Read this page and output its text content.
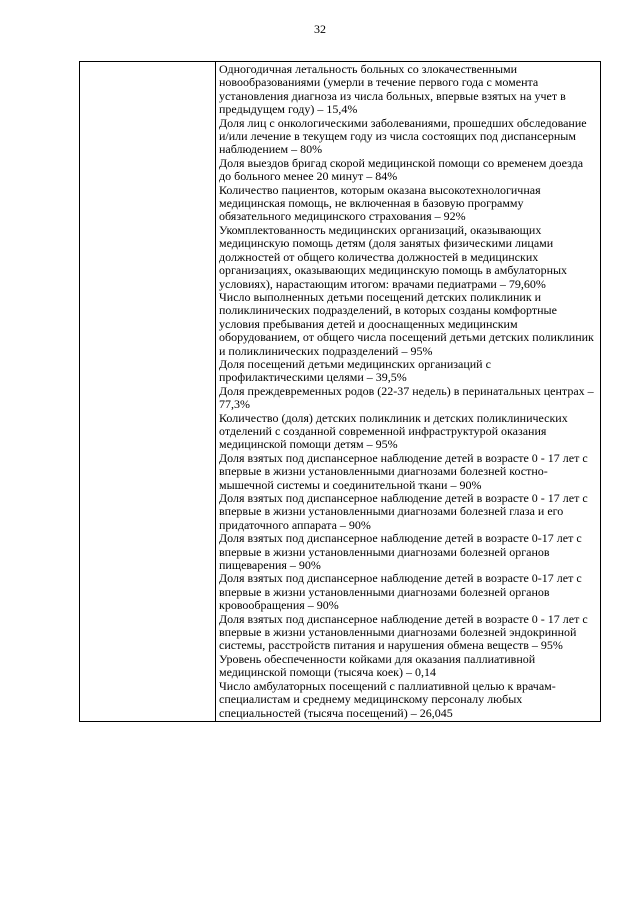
32

Одногодичная летальность больных со злокачественными новообразованиями (умерли в течение первого года с момента установления диагноза из числа больных, впервые взятых на учет в предыдущем году) – 15,4%

Доля лиц с онкологическими заболеваниями, прошедших обследование и/или лечение в текущем году из числа состоящих под диспансерным наблюдением – 80%

Доля выездов бригад скорой медицинской помощи со временем доезда до больного менее 20 минут – 84%

Количество пациентов, которым оказана высокотехнологичная медицинская помощь, не включенная в базовую программу обязательного медицинского страхования – 92%

Укомплектованность медицинских организаций, оказывающих медицинскую помощь детям (доля занятых физическими лицами должностей от общего количества должностей в медицинских организациях, оказывающих медицинскую помощь в амбулаторных условиях), нарастающим итогом: врачами педиатрами – 79,60%

Число выполненных детьми посещений детских поликлиник и поликлинических подразделений, в которых созданы комфортные условия пребывания детей и дооснащенных медицинским оборудованием, от общего числа посещений детьми детских поликлиник и поликлинических подразделений – 95%

Доля посещений детьми медицинских организаций с профилактическими целями – 39,5%

Доля преждевременных родов (22-37 недель) в перинатальных центрах – 77,3%

Количество (доля) детских поликлиник и детских поликлинических отделений с созданной современной инфраструктурой оказания медицинской помощи детям – 95%

Доля взятых под диспансерное наблюдение детей в возрасте 0 - 17 лет с впервые в жизни установленными диагнозами болезней костно-мышечной системы и соединительной ткани – 90%

Доля взятых под диспансерное наблюдение детей в возрасте 0 - 17 лет с впервые в жизни установленными диагнозами болезней глаза и его придаточного аппарата – 90%

Доля взятых под диспансерное наблюдение детей в возрасте 0-17 лет с впервые в жизни установленными диагнозами болезней органов пищеварения – 90%

Доля взятых под диспансерное наблюдение детей в возрасте 0-17 лет с впервые в жизни установленными диагнозами болезней органов кровообращения – 90%

Доля взятых под диспансерное наблюдение детей в возрасте 0 - 17 лет с впервые в жизни установленными диагнозами болезней эндокринной системы, расстройств питания и нарушения обмена веществ – 95%

Уровень обеспеченности койками для оказания паллиативной медицинской помощи (тысяча коек) – 0,14

Число амбулаторных посещений с паллиативной целью к врачам-специалистам и среднему медицинскому персоналу любых специальностей (тысяча посещений) – 26,045
